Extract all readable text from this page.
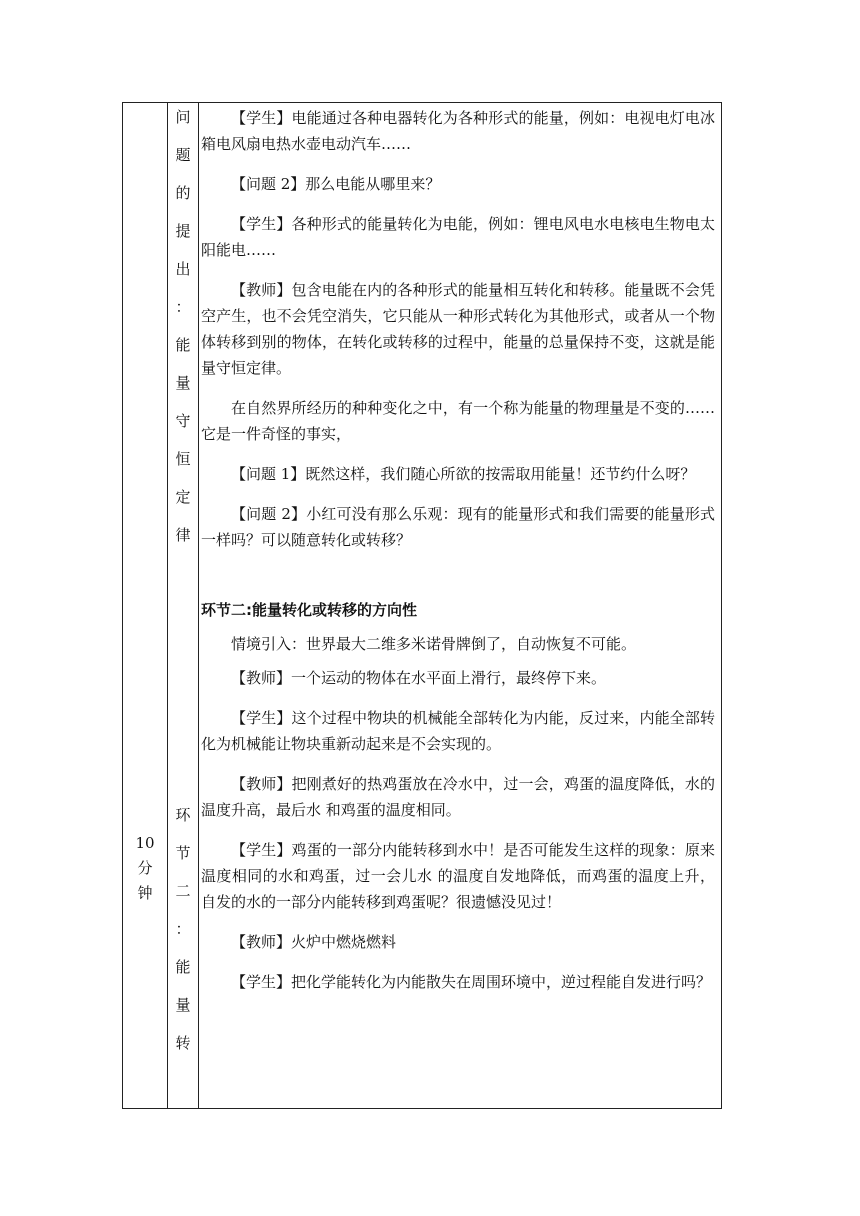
10
分
钟
问
题
的
提
出
：
能
量
守
恒
定
律
环
节
二
：
能
量
转

【学生】电能通过各种电器转化为各种形式的能量，例如：电视电灯电冰箱电风扇电热水壶电动汽车……

【问题 2】那么电能从哪里来？

【学生】各种形式的能量转化为电能，例如：锂电风电水电核电生物电太阳能电……

【教师】包含电能在内的各种形式的能量相互转化和转移。能量既不会凭空产生，也不会凭空消失，它只能从一种形式转化为其他形式，或者从一个物体转移到别的物体，在转化或转移的过程中，能量的总量保持不变，这就是能量守恒定律。

在自然界所经历的种种变化之中，有一个称为能量的物理量是不变的……它是一件奇怪的事实，

【问题 1】既然这样，我们随心所欲的按需取用能量！还节约什么呀？

【问题 2】小红可没有那么乐观：现有的能量形式和我们需要的能量形式一样吗？可以随意转化或转移？

环节二:能量转化或转移的方向性

情境引入：世界最大二维多米诺骨牌倒了，自动恢复不可能。

【教师】一个运动的物体在水平面上滑行，最终停下来。

【学生】这个过程中物块的机械能全部转化为内能，反过来，内能全部转化为机械能让物块重新动起来是不会实现的。

【教师】把刚煮好的热鸡蛋放在冷水中，过一会，鸡蛋的温度降低，水的温度升高，最后水 和鸡蛋的温度相同。

【学生】鸡蛋的一部分内能转移到水中！是否可能发生这样的现象：原来温度相同的水和鸡蛋，过一会儿水 的温度自发地降低，而鸡蛋的温度上升，自发的水的一部分内能转移到鸡蛋呢？很遗憾没见过！

【教师】火炉中燃烧燃料

【学生】把化学能转化为内能散失在周围环境中，逆过程能自发进行吗？
